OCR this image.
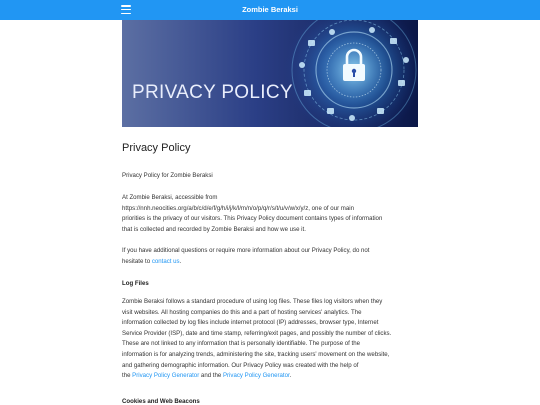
Zombie Beraksi
PRIVACY POLICY
Privacy Policy
Privacy Policy for Zombie Beraksi
At Zombie Beraksi, accessible from
https://nnh.neocities.org/a/b/c/d/e/f/g/h/i/j/k/l/m/n/o/p/q/r/s/t/u/v/w/x/y/z, one of our main
priorities is the privacy of our visitors. This Privacy Policy document contains types of information
that is collected and recorded by Zombie Beraksi and how we use it.
If you have additional questions or require more information about our Privacy Policy, do not
hesitate to contact us.
Log Files
Zombie Beraksi follows a standard procedure of using log files. These files log visitors when they
visit websites. All hosting companies do this and a part of hosting services' analytics. The
information collected by log files include internet protocol (IP) addresses, browser type, Internet
Service Provider (ISP), date and time stamp, referring/exit pages, and possibly the number of clicks.
These are not linked to any information that is personally identifiable. The purpose of the
information is for analyzing trends, administering the site, tracking users' movement on the website,
and gathering demographic information. Our Privacy Policy was created with the help of
the Privacy Policy Generator and the Privacy Policy Generator.
Cookies and Web Beacons
